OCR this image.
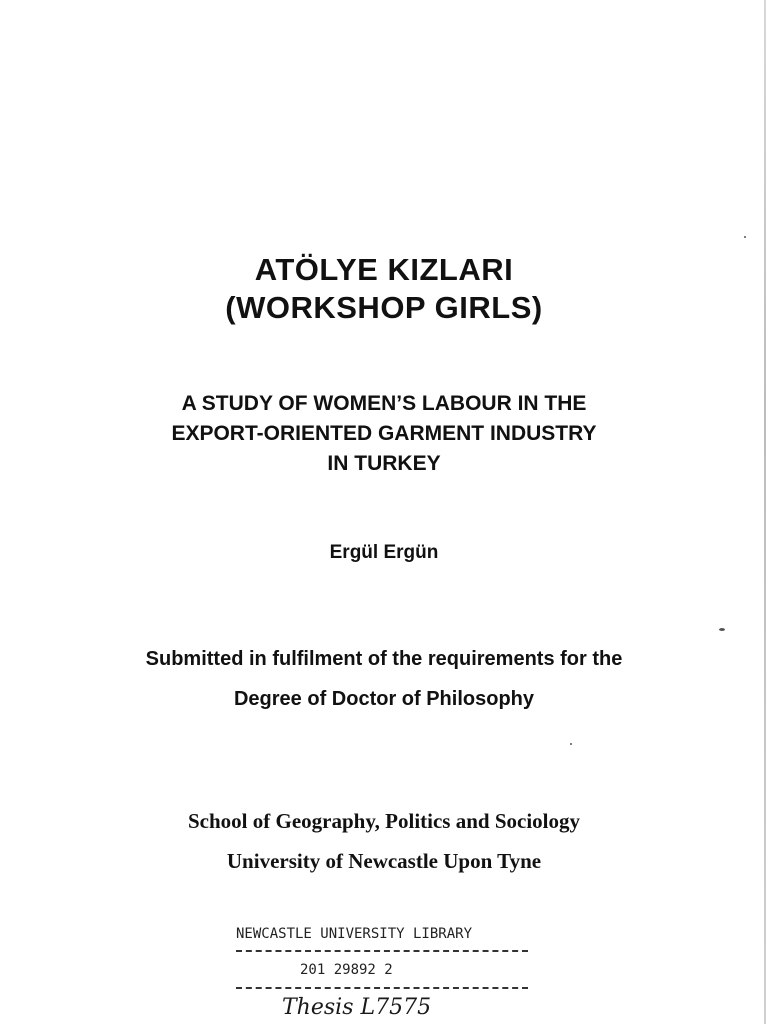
ATÖLYE KIZLARI
(WORKSHOP GIRLS)
A STUDY OF WOMEN’S LABOUR IN THE
EXPORT-ORIENTED GARMENT INDUSTRY
IN TURKEY
Ergül Ergün
Submitted in fulfilment of the requirements for the
Degree of Doctor of Philosophy
School of Geography, Politics and Sociology
University of Newcastle Upon Tyne
NEWCASTLE UNIVERSITY LIBRARY
201 29892 2
Thesis L7575
